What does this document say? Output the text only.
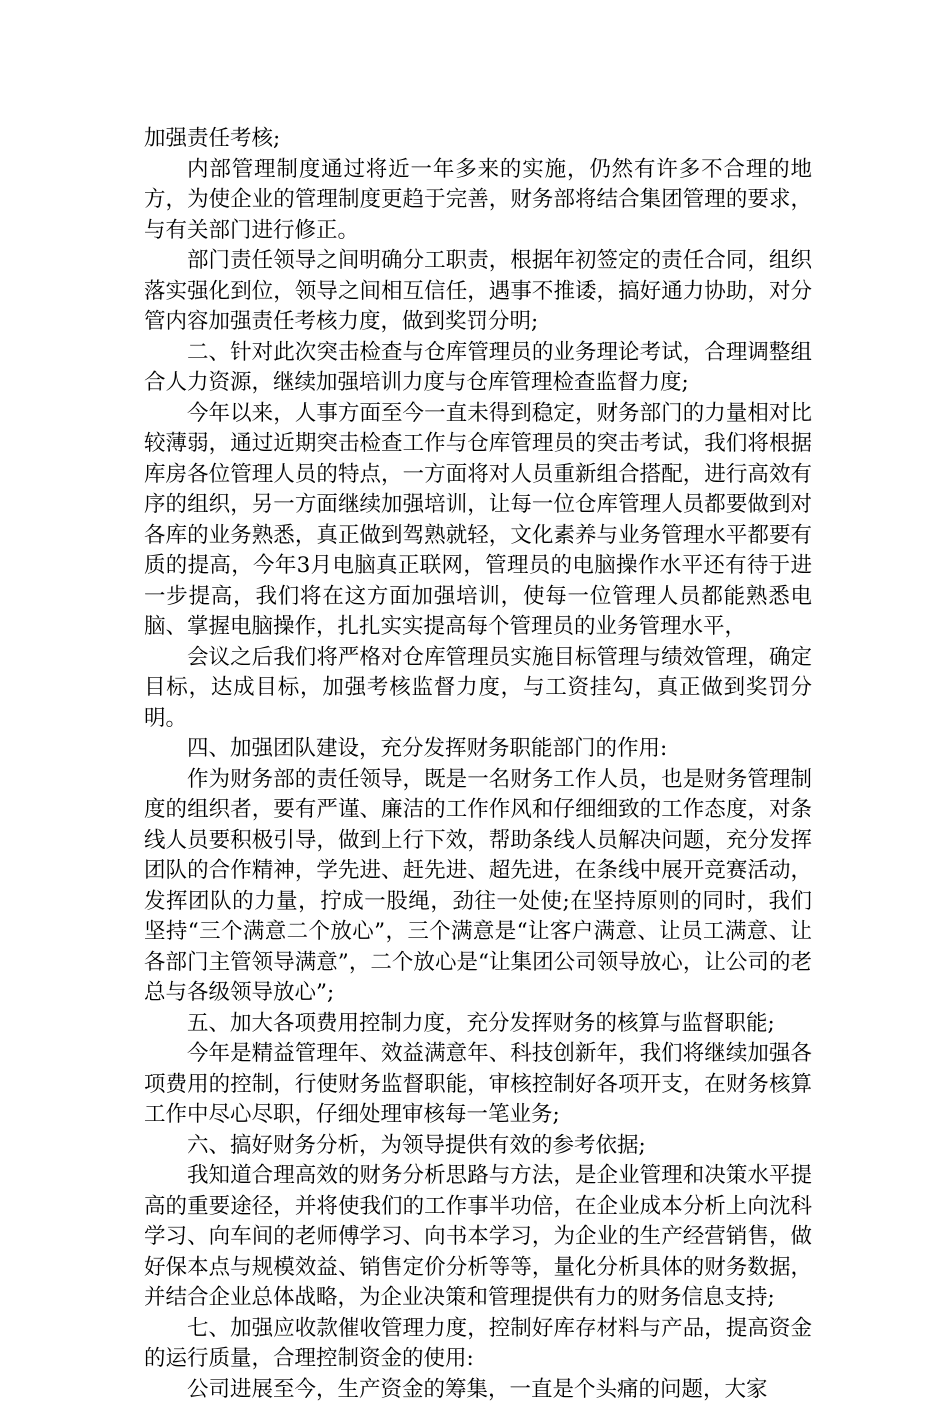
加强责任考核;

内部管理制度通过将近一年多来的实施，仍然有许多不合理的地方，为使企业的管理制度更趋于完善，财务部将结合集团管理的要求，与有关部门进行修正。

部门责任领导之间明确分工职责，根据年初签定的责任合同，组织落实强化到位，领导之间相互信任，遇事不推诿，搞好通力协助，对分管内容加强责任考核力度，做到奖罚分明;

二、针对此次突击检查与仓库管理员的业务理论考试，合理调整组合人力资源，继续加强培训力度与仓库管理检查监督力度;

今年以来，人事方面至今一直未得到稳定，财务部门的力量相对比较薄弱，通过近期突击检查工作与仓库管理员的突击考试，我们将根据库房各位管理人员的特点，一方面将对人员重新组合搭配，进行高效有序的组织，另一方面继续加强培训，让每一位仓库管理人员都要做到对各库的业务熟悉，真正做到驾熟就轻，文化素养与业务管理水平都要有质的提高，今年3月电脑真正联网，管理员的电脑操作水平还有待于进一步提高，我们将在这方面加强培训，使每一位管理人员都能熟悉电脑、掌握电脑操作，扎扎实实提高每个管理员的业务管理水平，

会议之后我们将严格对仓库管理员实施目标管理与绩效管理，确定目标，达成目标，加强考核监督力度，与工资挂勾，真正做到奖罚分明。

四、加强团队建设，充分发挥财务职能部门的作用:

作为财务部的责任领导，既是一名财务工作人员，也是财务管理制度的组织者，要有严谨、廉洁的工作作风和仔细细致的工作态度，对条线人员要积极引导，做到上行下效，帮助条线人员解决问题，充分发挥团队的合作精神，学先进、赶先进、超先进，在条线中展开竞赛活动，发挥团队的力量，拧成一股绳，劲往一处使;在坚持原则的同时，我们坚持“三个满意二个放心”，三个满意是“让客户满意、让员工满意、让各部门主管领导满意”，二个放心是“让集团公司领导放心，让公司的老总与各级领导放心”;

五、加大各项费用控制力度，充分发挥财务的核算与监督职能;

今年是精益管理年、效益满意年、科技创新年，我们将继续加强各项费用的控制，行使财务监督职能，审核控制好各项开支，在财务核算工作中尽心尽职，仔细处理审核每一笔业务;

六、搞好财务分析，为领导提供有效的参考依据;

我知道合理高效的财务分析思路与方法，是企业管理和决策水平提高的重要途径，并将使我们的工作事半功倍，在企业成本分析上向沈科学习、向车间的老师傅学习、向书本学习，为企业的生产经营销售，做好保本点与规模效益、销售定价分析等等，量化分析具体的财务数据，并结合企业总体战略，为企业决策和管理提供有力的财务信息支持;

七、加强应收款催收管理力度，控制好库存材料与产品，提高资金的运行质量，合理控制资金的使用:

公司进展至今，生产资金的筹集，一直是个头痛的问题，大家
